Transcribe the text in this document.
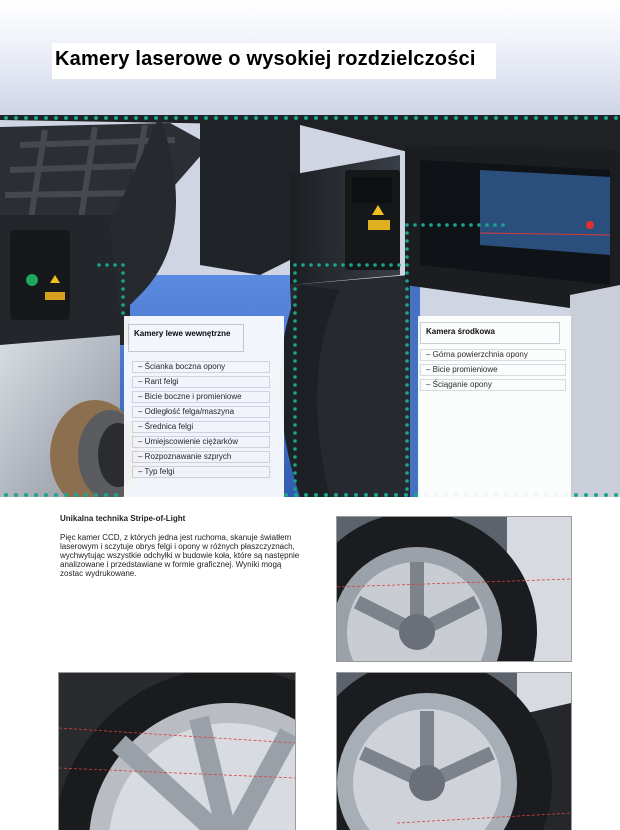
Kamery laserowe o wysokiej rozdzielczości
Kamery lewe wewnętrzne
– Ścianka boczna opony
– Rant felgi
– Bicie boczne i promieniowe
– Odległość felga/maszyna
– Średnica felgi
– Umiejscowienie ciężarków
– Rozpoznawanie szprych
– Typ felgi
Kamera środkowa
– Górna powierzchnia opony
– Bicie promieniowe
– Ściąganie opony
Unikalna technika Stripe-of-Light

Pięc kamer CCD, z których jedna jest ruchoma, skanuje światłem laserowym i sczytuje obrys felgi i opony w różnych płaszczyznach, wychwytując wszystkie odchyłki w budowie koła, które są następnie analizowane i przedstawiane w formie graficznej. Wyniki mogą zostac wydrukowane.
